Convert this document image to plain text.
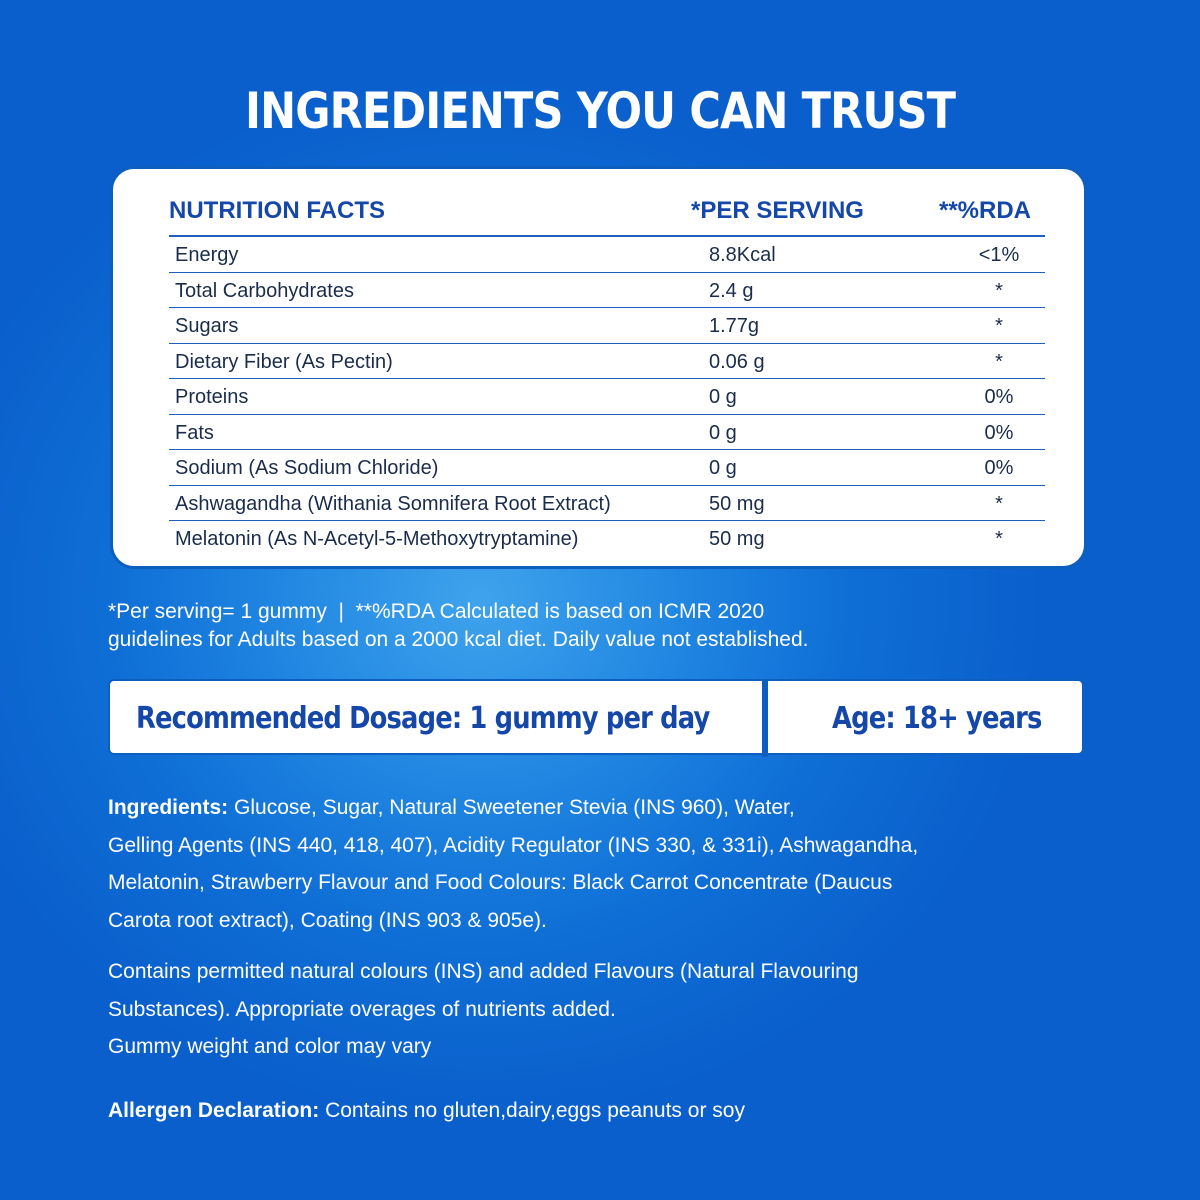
INGREDIENTS YOU CAN TRUST
NUTRITION FACTS	*PER SERVING	**%RDA
Energy	8.8Kcal	<1%
Total Carbohydrates	2.4 g	*
Sugars	1.77g	*
Dietary Fiber (As Pectin)	0.06 g	*
Proteins	0 g	0%
Fats	0 g	0%
Sodium (As Sodium Chloride)	0 g	0%
Ashwagandha (Withania Somnifera Root Extract)	50 mg	*
Melatonin (As N-Acetyl-5-Methoxytryptamine)	50 mg	*
*Per serving= 1 gummy  |  **%RDA Calculated is based on ICMR 2020
guidelines for Adults based on a 2000 kcal diet. Daily value not established.
Recommended Dosage: 1 gummy per day	Age: 18+ years
Ingredients: Glucose, Sugar, Natural Sweetener Stevia (INS 960), Water,
Gelling Agents (INS 440, 418, 407), Acidity Regulator (INS 330, & 331i), Ashwagandha,
Melatonin, Strawberry Flavour and Food Colours: Black Carrot Concentrate (Daucus
Carota root extract), Coating (INS 903 & 905e).
Contains permitted natural colours (INS) and added Flavours (Natural Flavouring
Substances). Appropriate overages of nutrients added.
Gummy weight and color may vary
Allergen Declaration: Contains no gluten,dairy,eggs peanuts or soy
